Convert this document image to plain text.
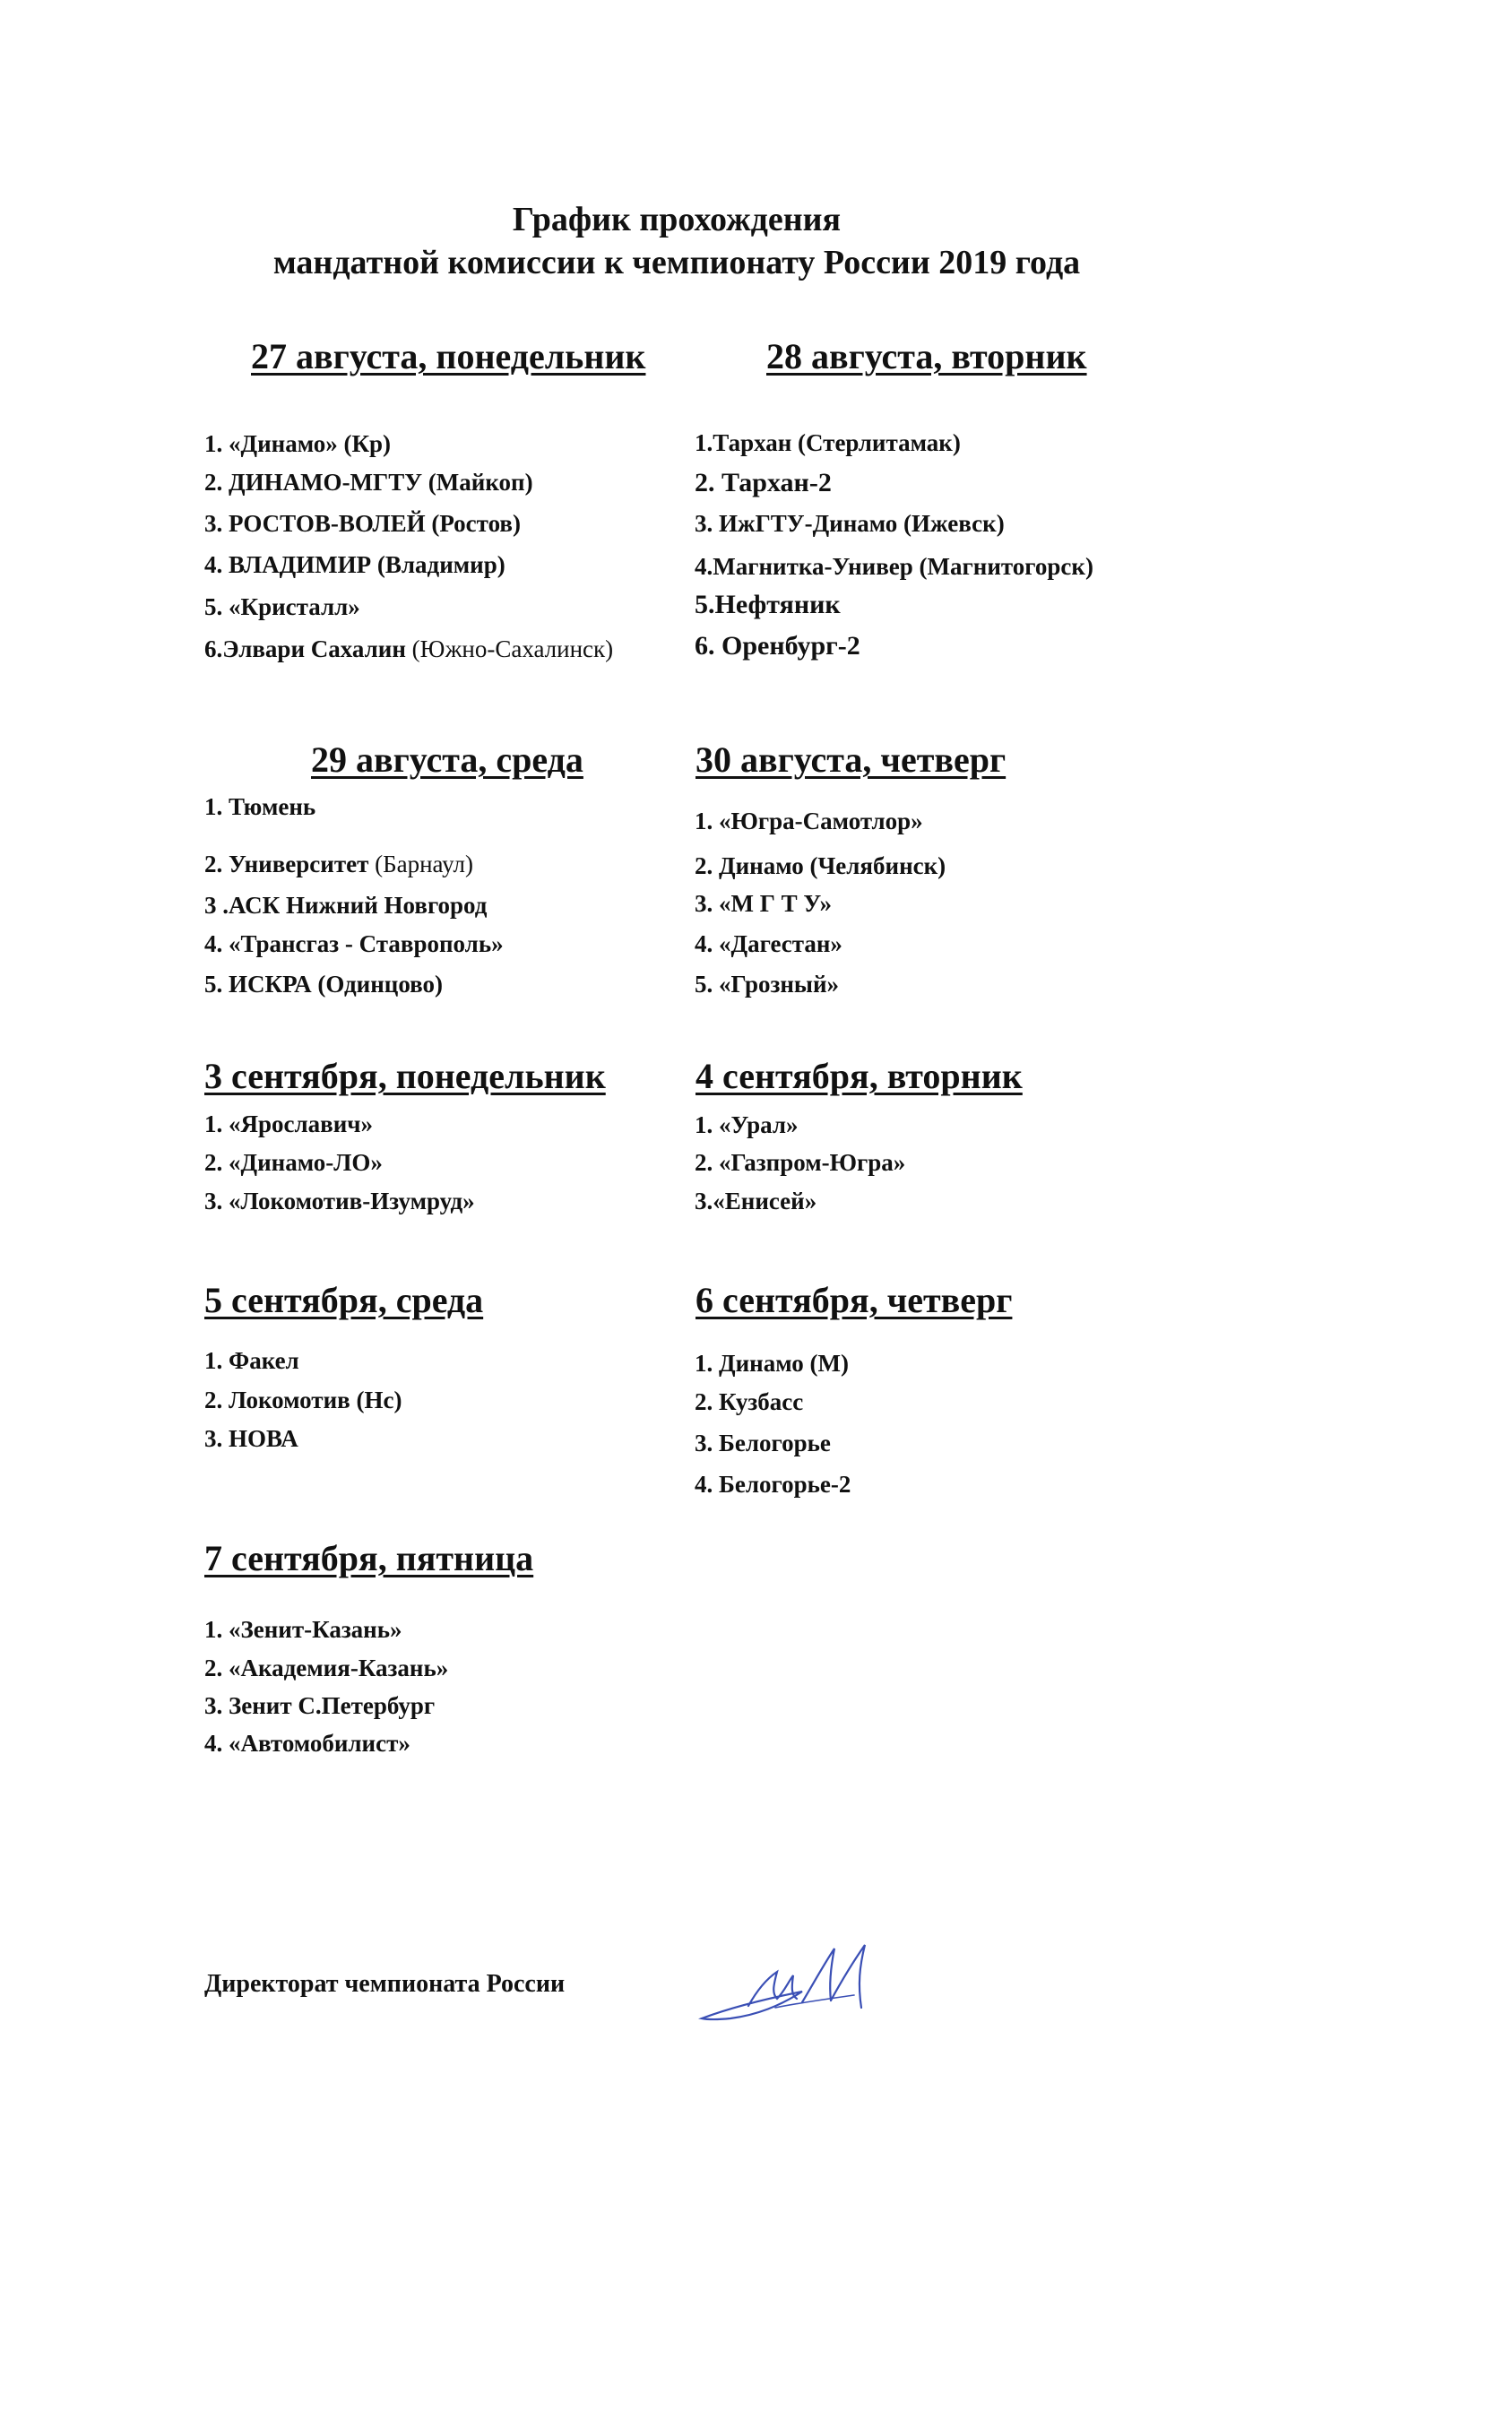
График прохождения
мандатной комиссии к чемпионату России 2019 года
27 августа, понедельник
1. «Динамо» (Кр)
2. ДИНАМО-МГТУ (Майкоп)
3. РОСТОВ-ВОЛЕЙ (Ростов)
4. ВЛАДИМИР (Владимир)
5. «Кристалл»
6.Элвари Сахалин (Южно-Сахалинск)
28 августа, вторник
1.Тархан (Стерлитамак)
2. Тархан-2
3. ИжГТУ-Динамо (Ижевск)
4.Магнитка-Универ (Магнитогорск)
5.Нефтяник
6. Оренбург-2
29 августа, среда
1. Тюмень
2. Университет (Барнаул)
3 .АСК Нижний Новгород
4. «Трансгаз - Ставрополь»
5. ИСКРА (Одинцово)
30 августа, четверг
1. «Югра-Самотлор»
2. Динамо (Челябинск)
3. «М Г Т У»
4. «Дагестан»
5. «Грозный»
3 сентября, понедельник
1. «Ярославич»
2. «Динамо-ЛО»
3. «Локомотив-Изумруд»
4 сентября, вторник
1. «Урал»
2. «Газпром-Югра»
3.«Енисей»
5 сентября, среда
1. Факел
2. Локомотив (Нс)
3. НОВА
6 сентября, четверг
1. Динамо (М)
2. Кузбасс
3. Белогорье
4. Белогорье-2
7 сентября, пятница
1. «Зенит-Казань»
2. «Академия-Казань»
3. Зенит С.Петербург
4. «Автомобилист»
Директорат чемпионата России
